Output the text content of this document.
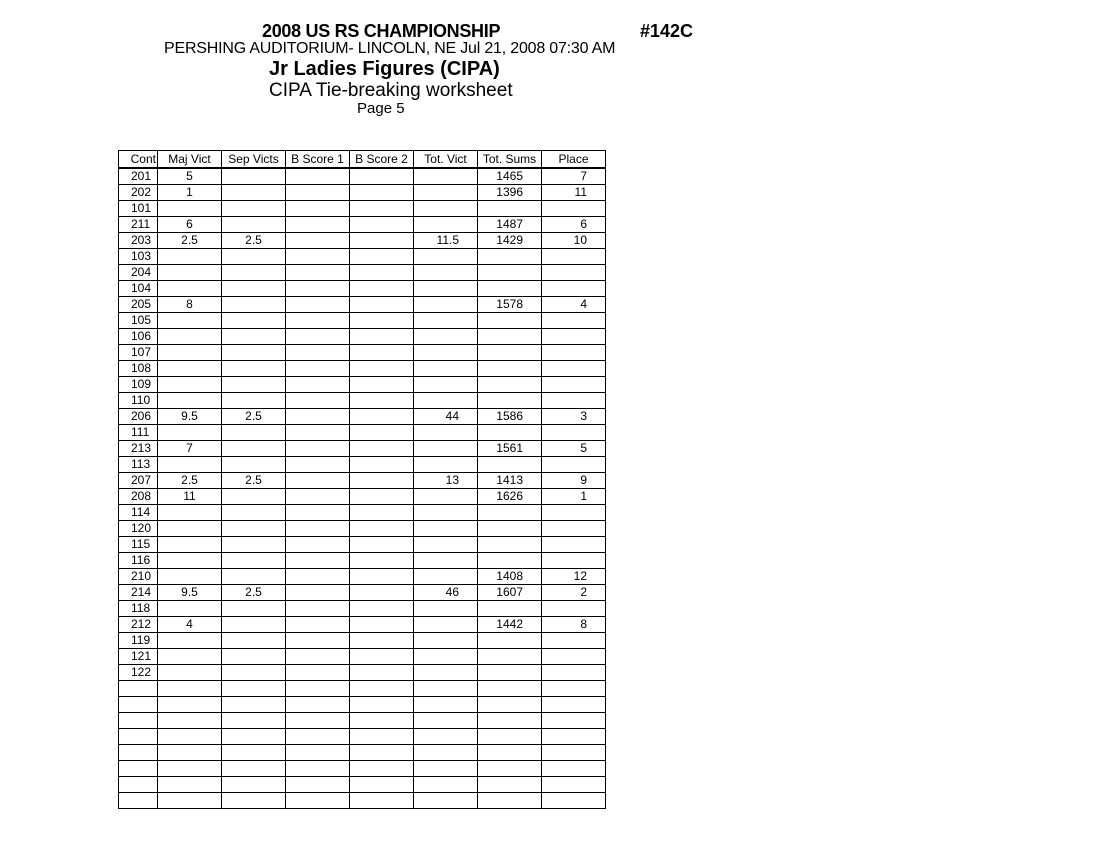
2008 US RS CHAMPIONSHIP	#142C
PERSHING AUDITORIUM- LINCOLN, NE Jul 21, 2008 07:30 AM
Jr Ladies Figures (CIPA)
CIPA Tie-breaking worksheet
Page 5
Cont	Maj Vict	Sep Victs	B Score 1	B Score 2	Tot. Vict	Tot. Sums	Place
201	5					1465	7
202	1					1396	11
101							
211	6					1487	6
203	2.5	2.5			11.5	1429	10
103							
204							
104							
205	8					1578	4
105							
106							
107							
108							
109							
110							
206	9.5	2.5			44	1586	3
111							
213	7					1561	5
113							
207	2.5	2.5			13	1413	9
208	11					1626	1
114							
120							
115							
116							
210						1408	12
214	9.5	2.5			46	1607	2
118							
212	4					1442	8
119							
121							
122							
